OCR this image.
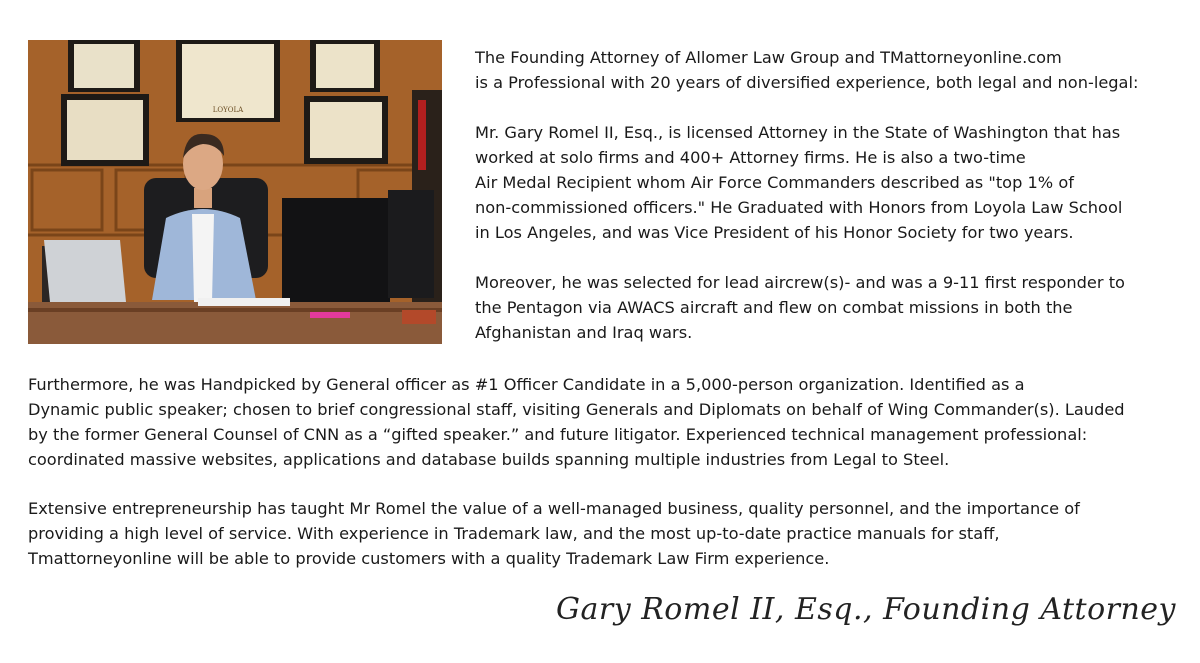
LOYOLA

The Founding Attorney of Allomer Law Group and TMattorneyonline.com
is a Professional with 20 years of diversified experience, both legal and non-legal:

Mr. Gary Romel II, Esq., is licensed Attorney in the State of Washington that has
worked at solo firms and 400+ Attorney firms. He is also a two-time
Air Medal Recipient whom Air Force Commanders described as "top 1% of
non-commissioned officers." He Graduated with Honors from Loyola Law School
in Los Angeles, and was Vice President of his Honor Society for two years.

Moreover, he was selected for lead aircrew(s)- and was a 9-11 first responder to
the Pentagon via AWACS aircraft and flew on combat missions in both the
Afghanistan and Iraq wars.

Furthermore, he was Handpicked by General officer as #1 Officer Candidate in a 5,000-person organization. Identified as a
Dynamic public speaker; chosen to brief congressional staff, visiting Generals and Diplomats on behalf of Wing Commander(s). Lauded
by the former General Counsel of CNN as a “gifted speaker.” and future litigator. Experienced technical management professional:
coordinated massive websites, applications and database builds spanning multiple industries from Legal to Steel.

Extensive entrepreneurship has taught Mr Romel the value of a well-managed business, quality personnel, and the importance of
providing a high level of service. With experience in Trademark law, and the most up-to-date practice manuals for staff,
Tmattorneyonline will be able to provide customers with a quality Trademark Law Firm experience.

Gary Romel II, Esq., Founding Attorney
